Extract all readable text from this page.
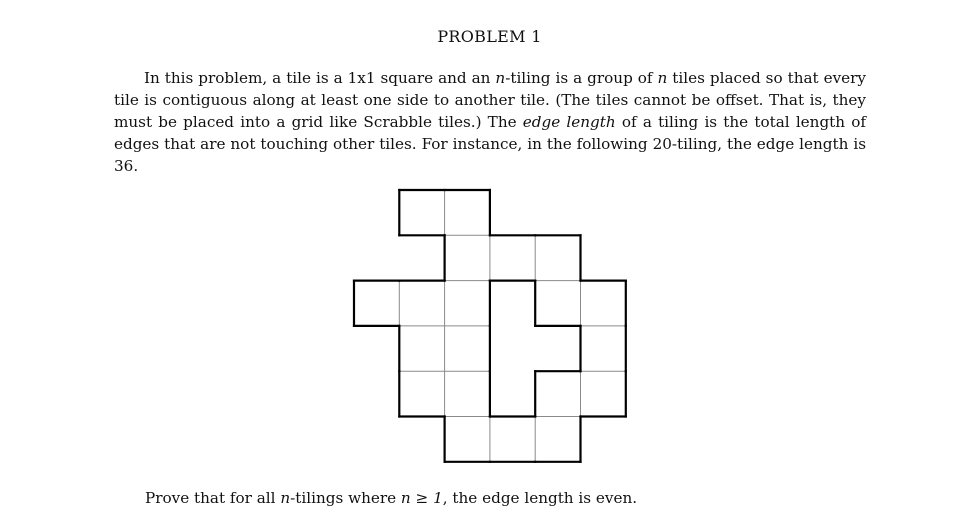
PROBLEM 1
In this problem, a tile is a 1x1 square and an n-tiling is a group of n tiles placed so that every tile is contiguous along at least one side to another tile. (The tiles cannot be offset. That is, they must be placed into a grid like Scrabble tiles.) The edge length of a tiling is the total length of edges that are not touching other tiles. For instance, in the following 20-tiling, the edge length is 36.
Prove that for all n-tilings where n ≥ 1, the edge length is even.
